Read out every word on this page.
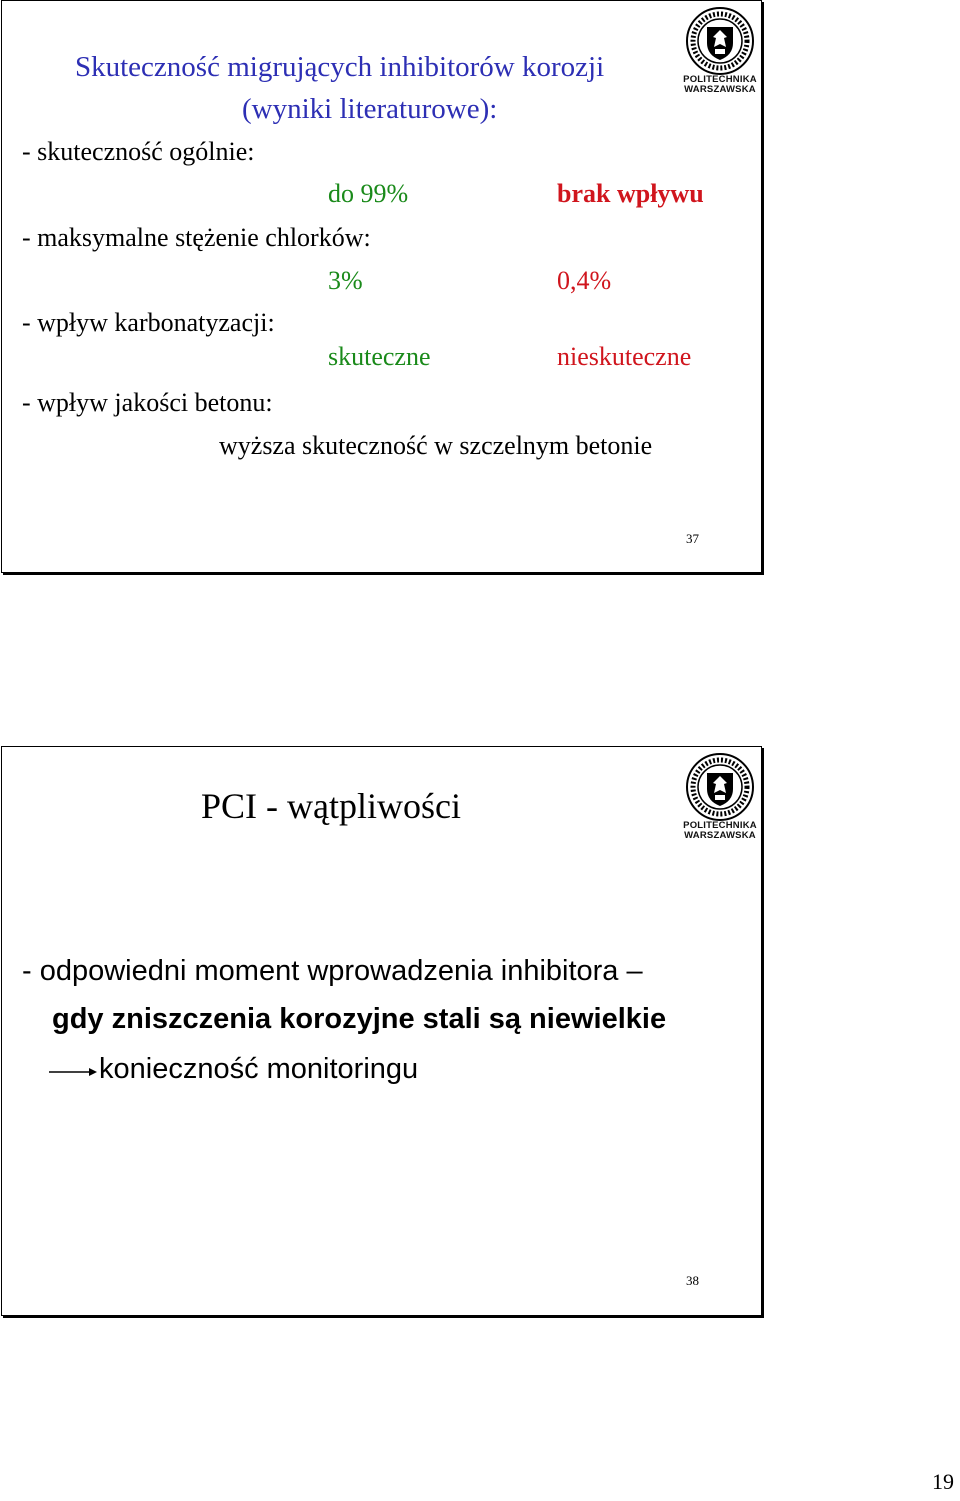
POLITECHNIKA
WARSZAWSKA
Skuteczność migrujących inhibitorów korozji
(wyniki literaturowe):
- skuteczność ogólnie:
do 99%	brak wpływu
- maksymalne stężenie chlorków:
3%	0,4%
- wpływ karbonatyzacji:
skuteczne	nieskuteczne
- wpływ jakości betonu:
wyższa skuteczność w szczelnym betonie
37
POLITECHNIKA
WARSZAWSKA
PCI - wątpliwości
- odpowiedni moment wprowadzenia inhibitora –
gdy zniszczenia korozyjne stali są niewielkie
konieczność monitoringu
38
19
